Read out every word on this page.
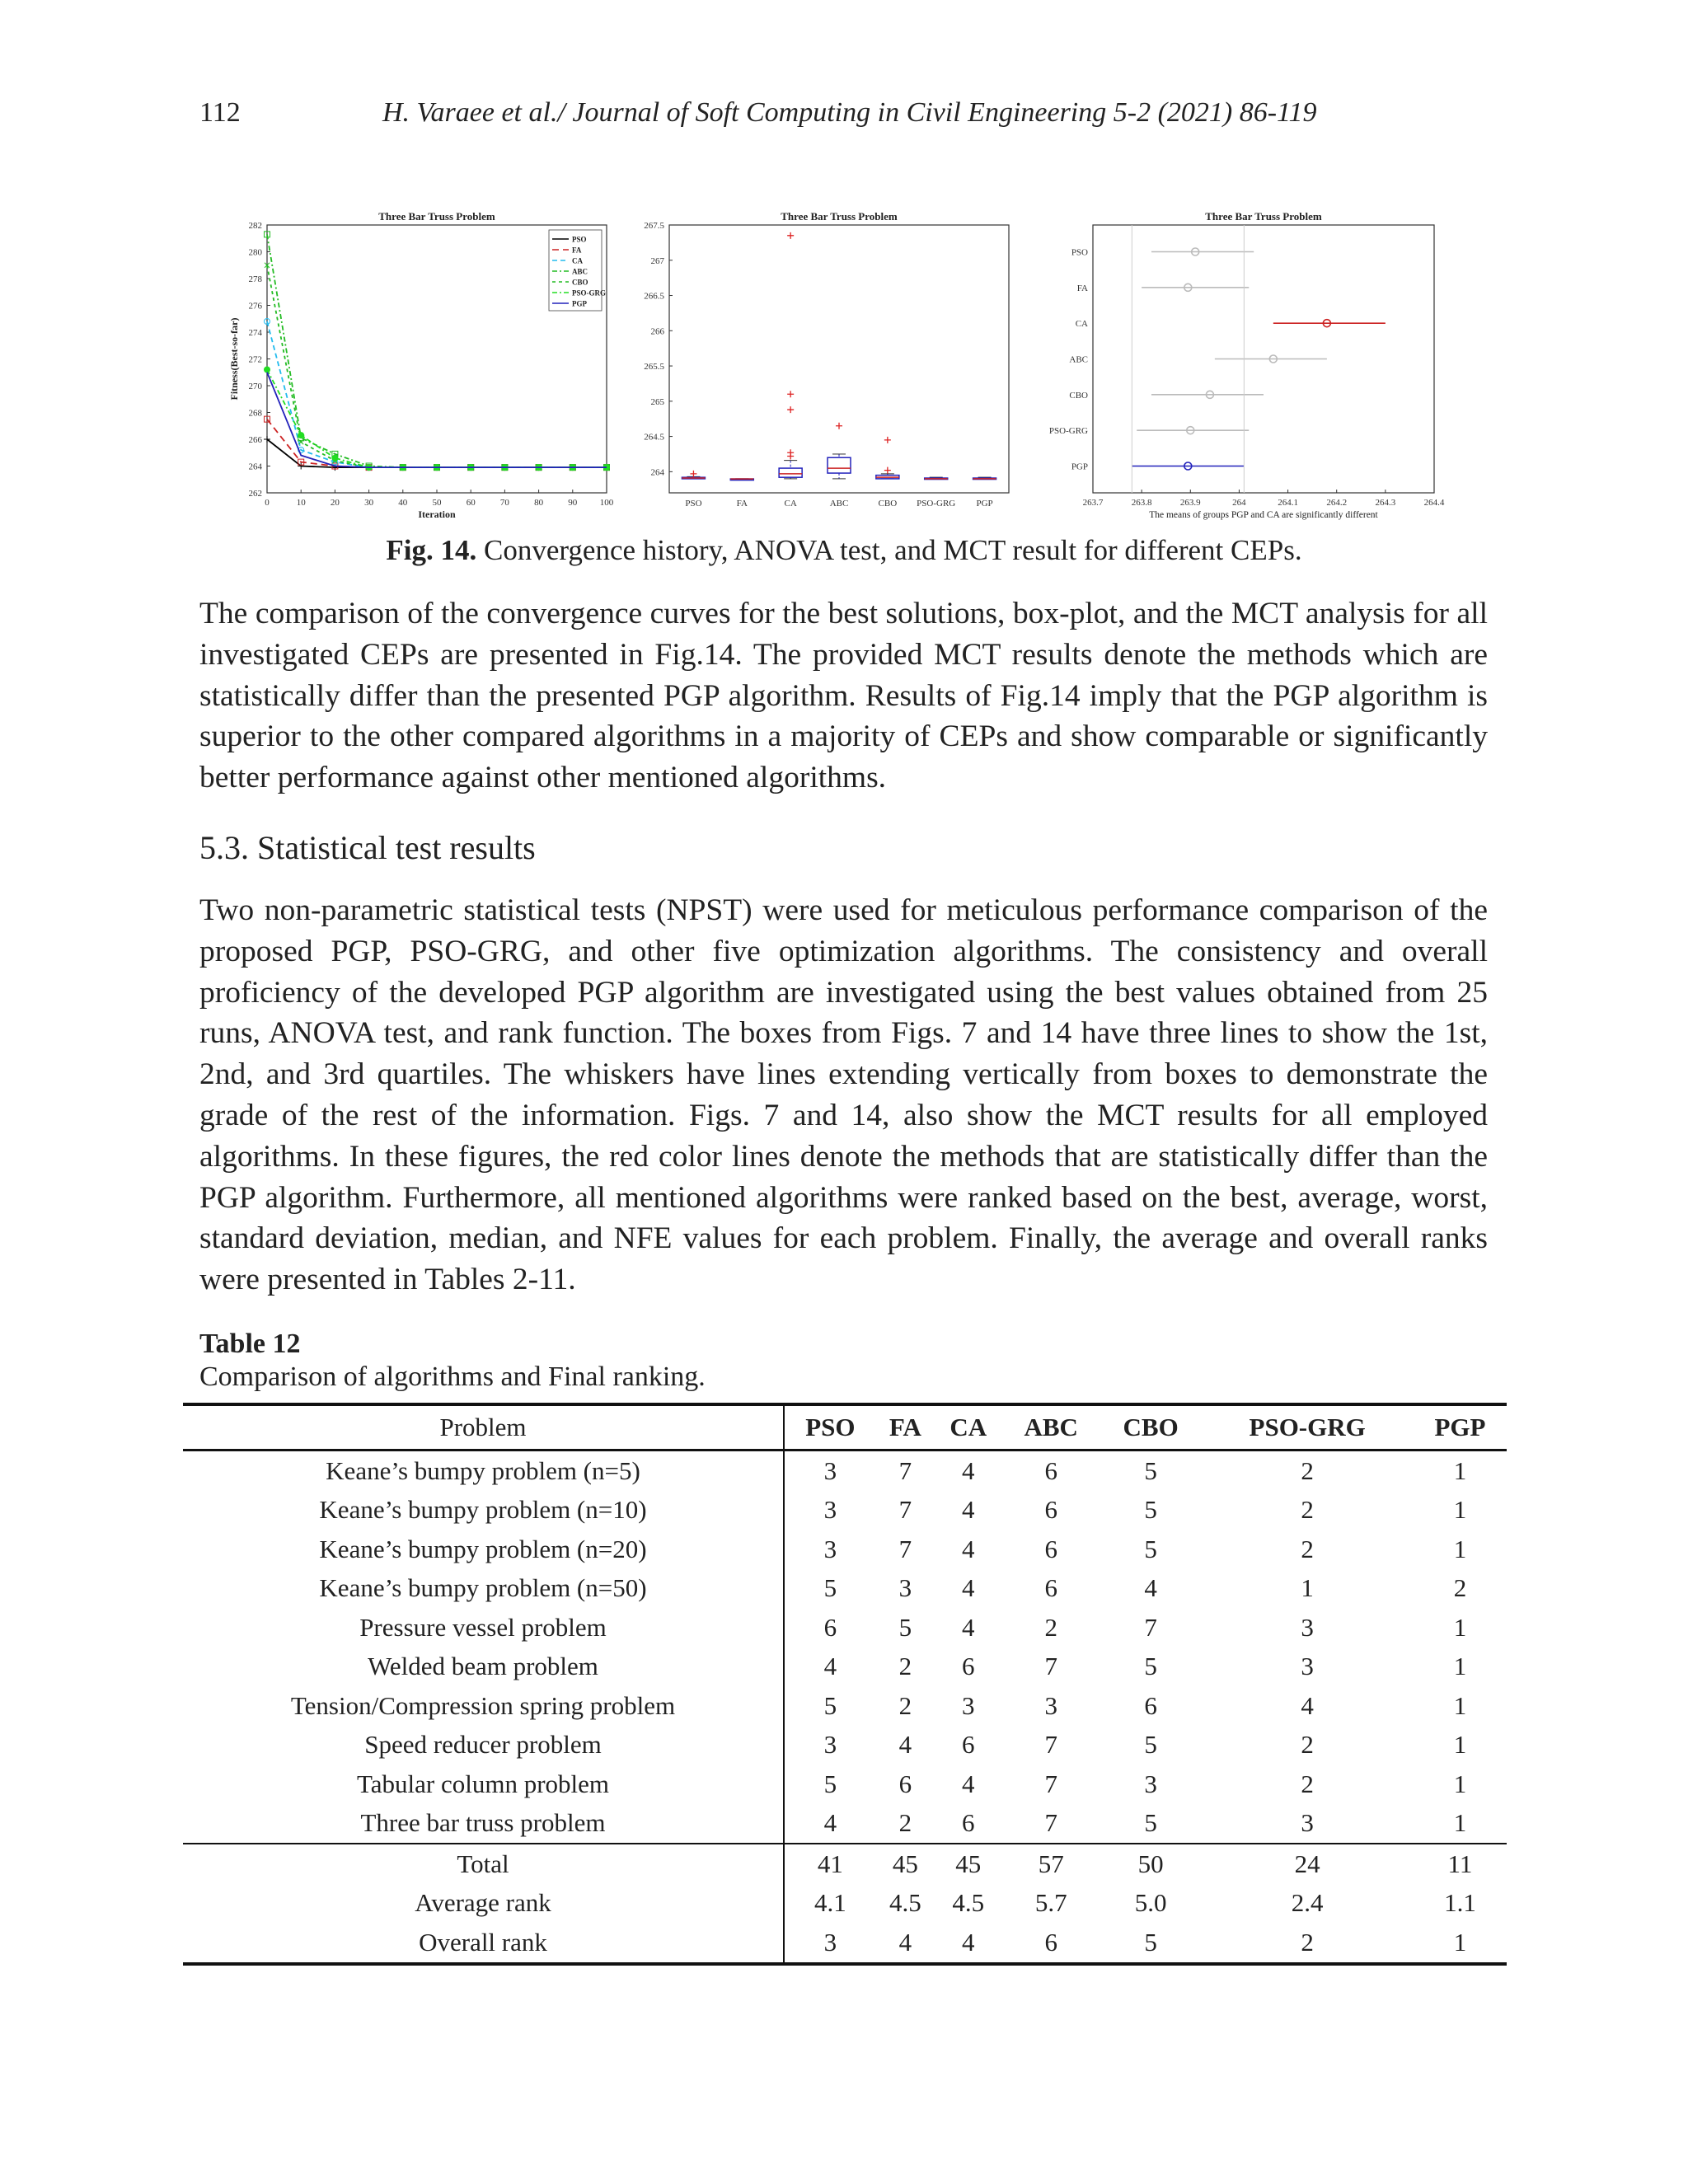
112	H. Varaee et al./ Journal of Soft Computing in Civil Engineering 5-2 (2021) 86-119
Three Bar Truss Problem
0	10	20	30	40	50	60	70	80	90 100
262
264
266
268
270
272
274
276
278
280
282
Iteration
Fitness(Best-so-far)
PSO
FA
CA
ABC
CBO
PSO-GRG
PGP
Three Bar Truss Problem
264
264.5
265
265.5
266
266.5
267
267.5
PSO	FA	CA	ABC	CBO PSO-GRG PGP
Three Bar Truss Problem
263.7	263.8	263.9	264	264.1	264.2	264.3	264.4
The means of groups PGP and CA are significantly different
PSO
FA
CA
ABC
CBO
PSO-GRG
PGP
Fig. 14. Convergence history, ANOVA test, and MCT result for different CEPs.

The comparison of the convergence curves for the best solutions, box-plot, and the MCT analysis for all investigated CEPs are presented in Fig.14. The provided MCT results denote the methods which are statistically differ than the presented PGP algorithm. Results of Fig.14 imply that the PGP algorithm is superior to the other compared algorithms in a majority of CEPs and show comparable or significantly better performance against other mentioned algorithms.

5.3. Statistical test results

Two non-parametric statistical tests (NPST) were used for meticulous performance comparison of the proposed PGP, PSO-GRG, and other five optimization algorithms. The consistency and overall proficiency of the developed PGP algorithm are investigated using the best values obtained from 25 runs, ANOVA test, and rank function. The boxes from Figs. 7 and 14 have three lines to show the 1st, 2nd, and 3rd quartiles. The whiskers have lines extending vertically from boxes to demonstrate the grade of the rest of the information. Figs. 7 and 14, also show the MCT results for all employed algorithms. In these figures, the red color lines denote the methods that are statistically differ than the PGP algorithm. Furthermore, all mentioned algorithms were ranked based on the best, average, worst, standard deviation, median, and NFE values for each problem. Finally, the average and overall ranks were presented in Tables 2-11.

Table 12
Comparison of algorithms and Final ranking.
Problem	PSO	FA	CA	ABC	CBO	PSO-GRG	PGP
Keane’s bumpy problem (n=5)	3	7	4	6	5	2	1
Keane’s bumpy problem (n=10)	3	7	4	6	5	2	1
Keane’s bumpy problem (n=20)	3	7	4	6	5	2	1
Keane’s bumpy problem (n=50)	5	3	4	6	4	1	2
Pressure vessel problem	6	5	4	2	7	3	1
Welded beam problem	4	2	6	7	5	3	1
Tension/Compression spring problem	5	2	3	3	6	4	1
Speed reducer problem	3	4	6	7	5	2	1
Tabular column problem	5	6	4	7	3	2	1
Three bar truss problem	4	2	6	7	5	3	1
Total	41	45	45	57	50	24	11
Average rank	4.1	4.5	4.5	5.7	5.0	2.4	1.1
Overall rank	3	4	4	6	5	2	1
